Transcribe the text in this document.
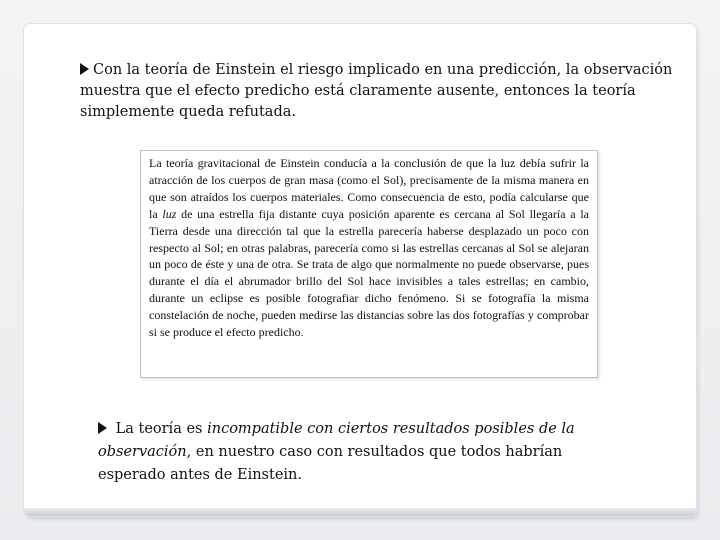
Con la teoría de Einstein el riesgo implicado en una predicción, la observación muestra que el efecto predicho está claramente ausente, entonces la teoría simplemente queda refutada.

La teoría gravitacional de Einstein conducía a la conclusión de que la luz debía sufrir la atracción de los cuerpos de gran masa (como el Sol), precisamente de la misma manera en que son atraídos los cuerpos materiales. Como consecuencia de esto, podía calcularse que la luz de una estrella fija distante cuya posición aparente es cercana al Sol llegaría a la Tierra desde una dirección tal que la estrella parecería haberse desplazado un poco con respecto al Sol; en otras palabras, parecería como si las estrellas cercanas al Sol se alejaran un poco de éste y una de otra. Se trata de algo que normalmente no puede observarse, pues durante el día el abrumador brillo del Sol hace invisibles a tales estrellas; en cambio, durante un eclipse es posible fotografiar dicho fenómeno. Si se fotografía la misma constelación de noche, pueden medirse las distancias sobre las dos fotografías y comprobar si se produce el efecto predicho.

La teoría es incompatible con ciertos resultados posibles de la observación, en nuestro caso con resultados que todos habrían esperado antes de Einstein.
